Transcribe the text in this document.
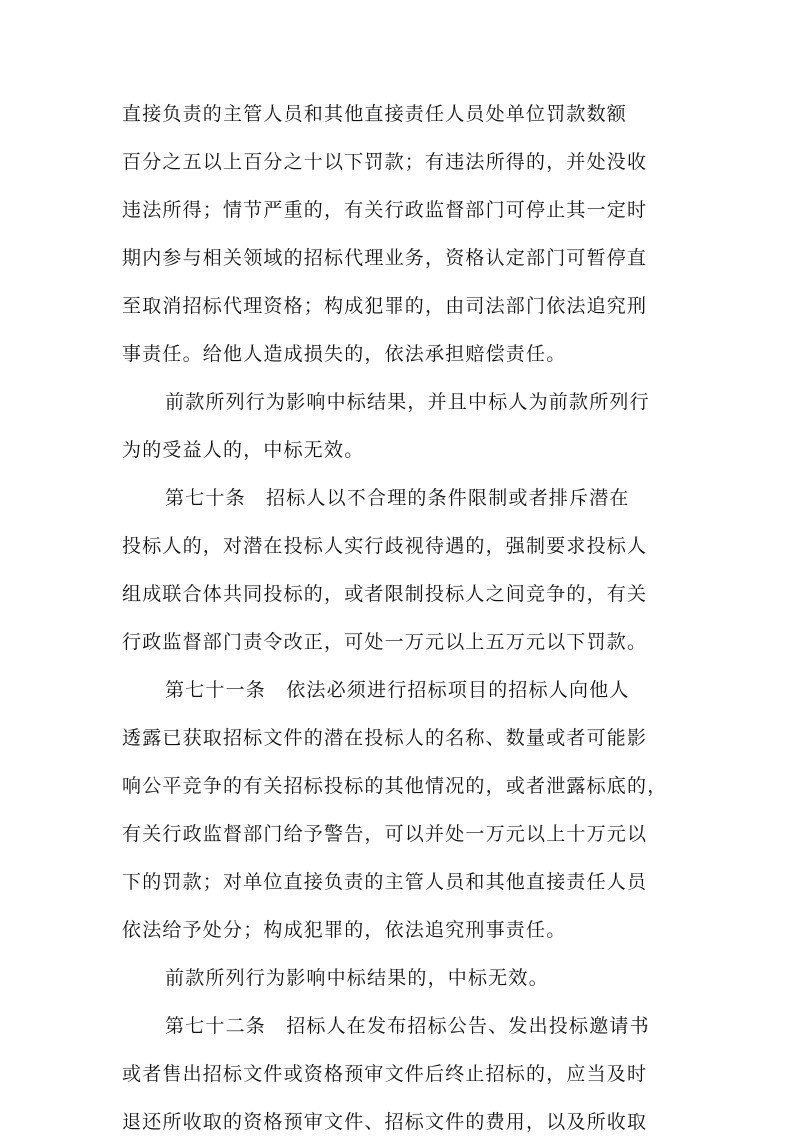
直接负责的主管人员和其他直接责任人员处单位罚款数额
百分之五以上百分之十以下罚款；有违法所得的，并处没收
违法所得；情节严重的，有关行政监督部门可停止其一定时
期内参与相关领域的招标代理业务，资格认定部门可暂停直
至取消招标代理资格；构成犯罪的，由司法部门依法追究刑
事责任。给他人造成损失的，依法承担赔偿责任。
前款所列行为影响中标结果，并且中标人为前款所列行
为的受益人的，中标无效。
第七十条　招标人以不合理的条件限制或者排斥潜在
投标人的，对潜在投标人实行歧视待遇的，强制要求投标人
组成联合体共同投标的，或者限制投标人之间竞争的，有关
行政监督部门责令改正，可处一万元以上五万元以下罚款。
第七十一条　依法必须进行招标项目的招标人向他人
透露已获取招标文件的潜在投标人的名称、数量或者可能影
响公平竞争的有关招标投标的其他情况的，或者泄露标底的，
有关行政监督部门给予警告，可以并处一万元以上十万元以
下的罚款；对单位直接负责的主管人员和其他直接责任人员
依法给予处分；构成犯罪的，依法追究刑事责任。
前款所列行为影响中标结果的，中标无效。
第七十二条　招标人在发布招标公告、发出投标邀请书
或者售出招标文件或资格预审文件后终止招标的，应当及时
退还所收取的资格预审文件、招标文件的费用，以及所收取
